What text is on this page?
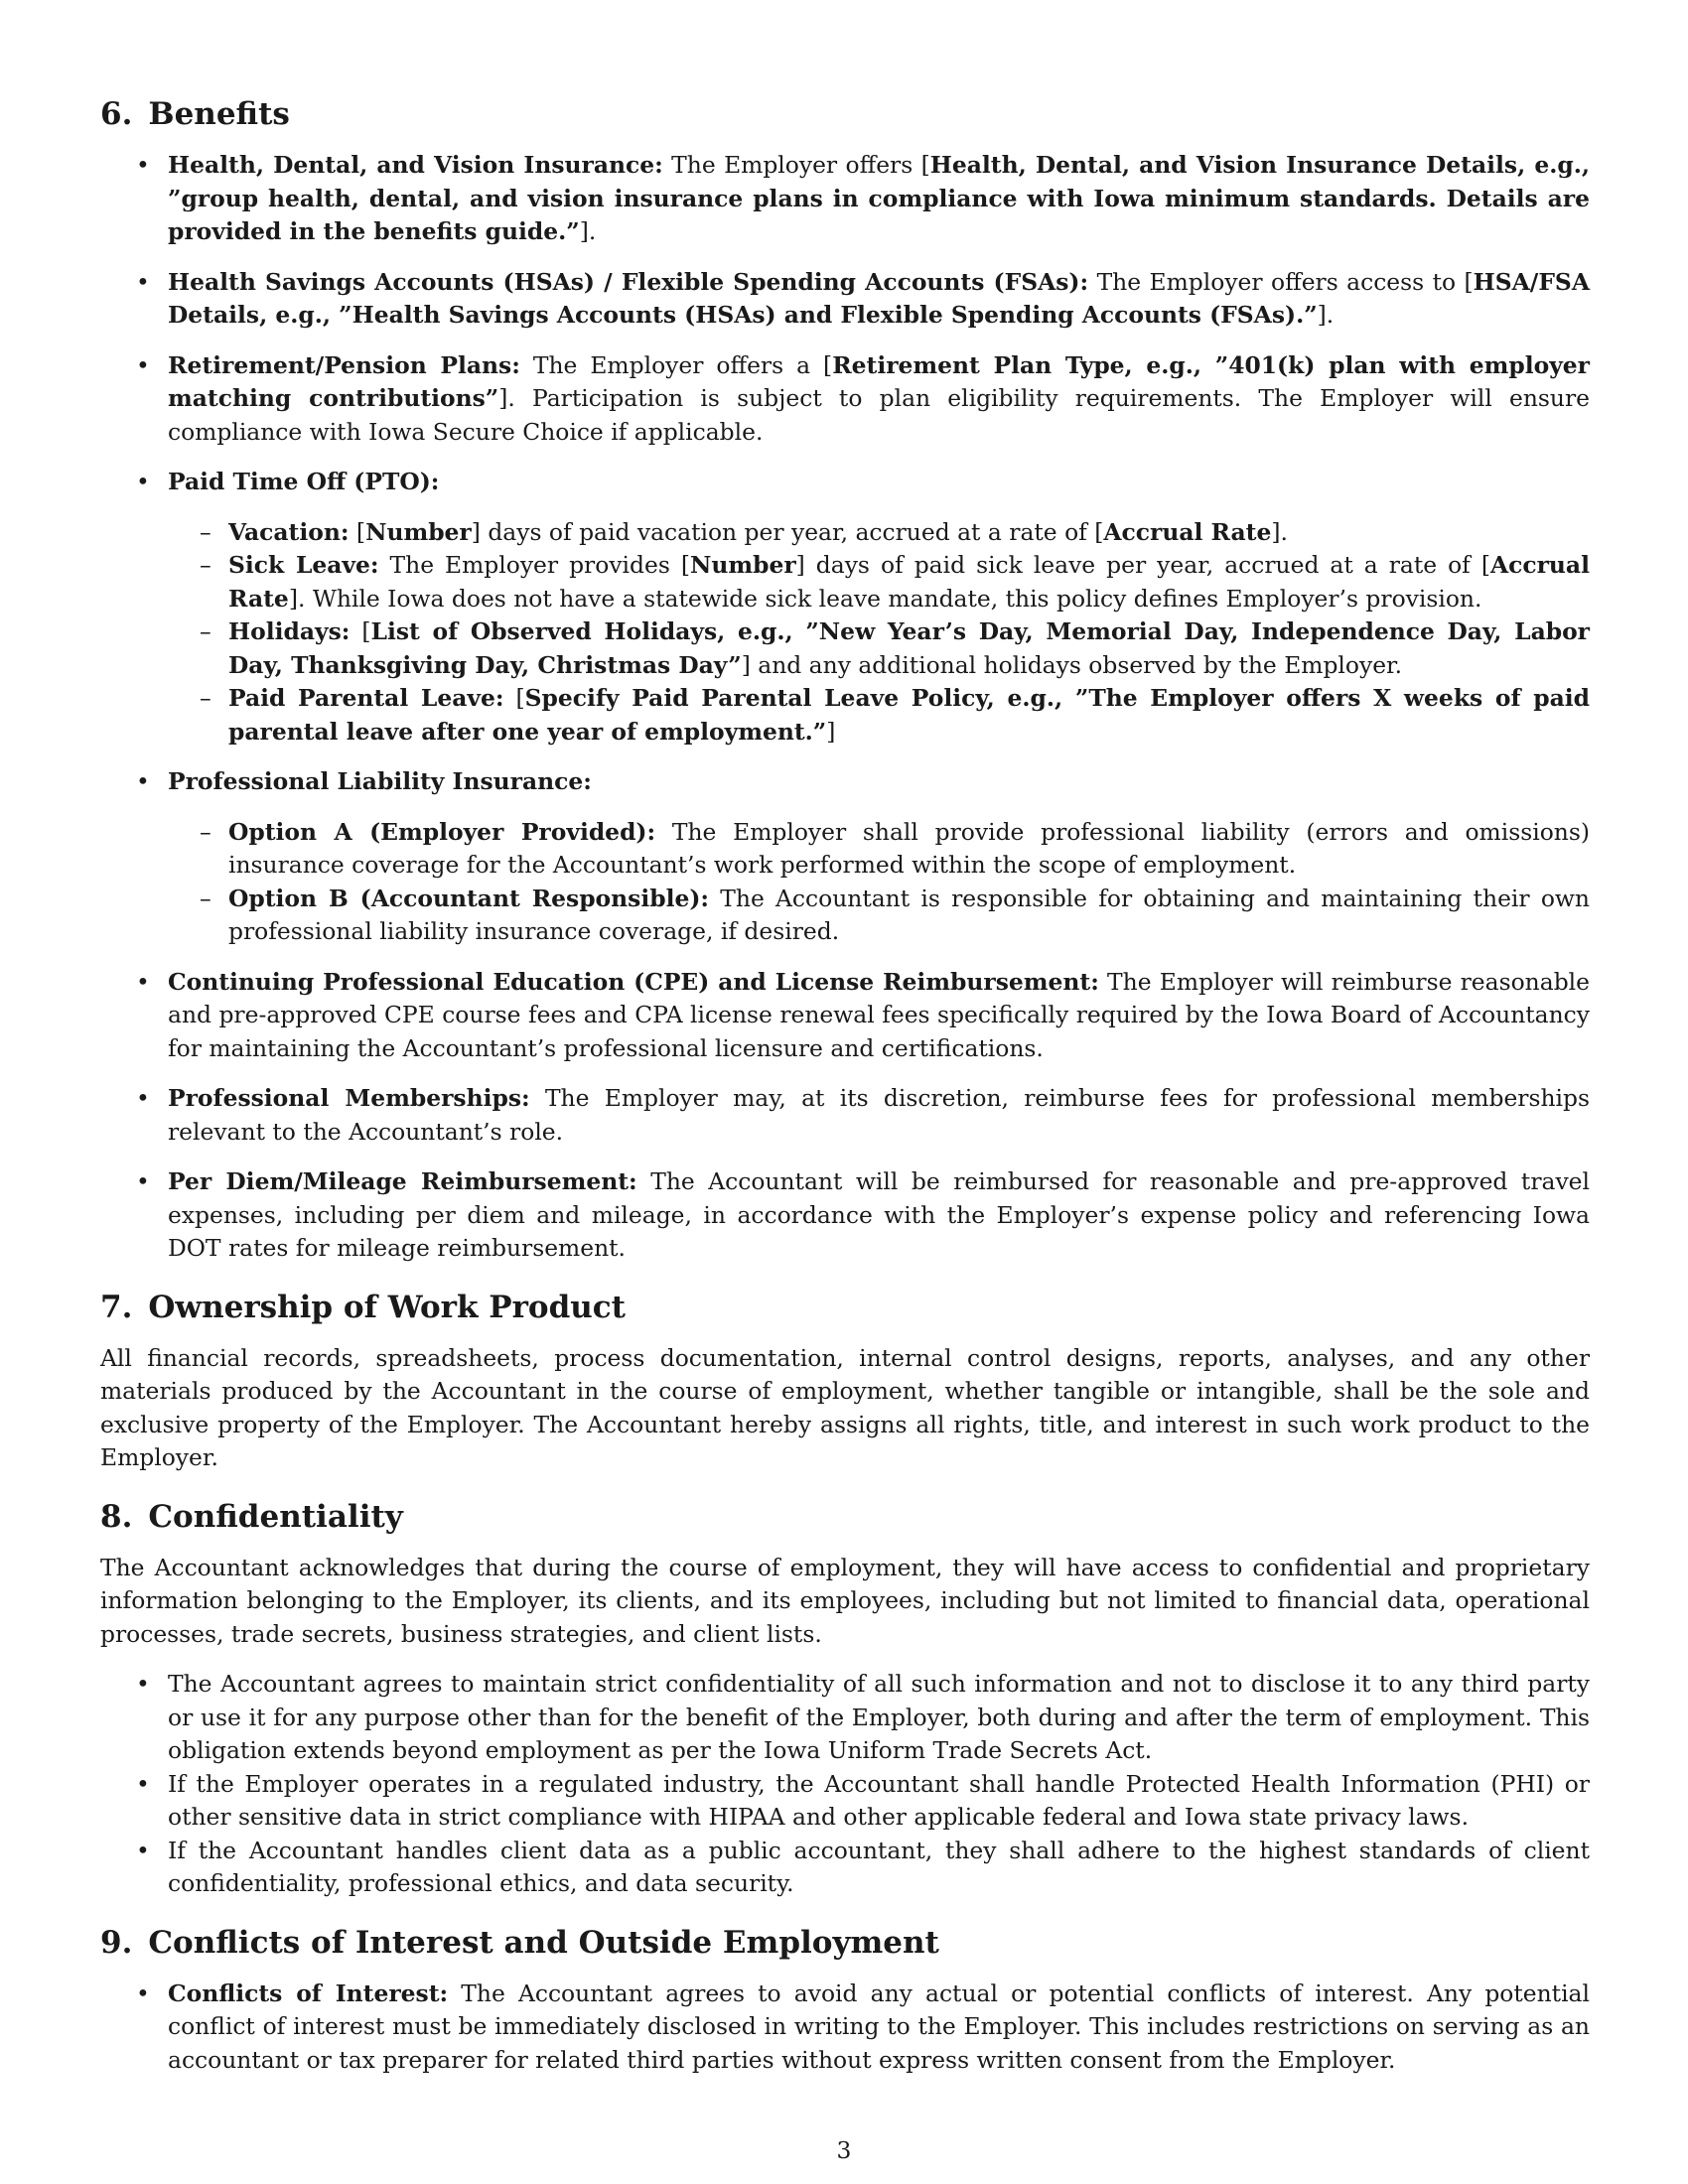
6. Benefits
• Health, Dental, and Vision Insurance: The Employer offers [Health, Dental, and Vision Insurance Details, e.g., ”group health, dental, and vision insurance plans in compliance with Iowa minimum standards. Details are provided in the benefits guide.”].
• Health Savings Accounts (HSAs) / Flexible Spending Accounts (FSAs): The Employer offers access to [HSA/FSA Details, e.g., ”Health Savings Accounts (HSAs) and Flexible Spending Accounts (FSAs).”].
• Retirement/Pension Plans: The Employer offers a [Retirement Plan Type, e.g., ”401(k) plan with employer matching contributions”]. Participation is subject to plan eligibility requirements. The Employer will ensure compliance with Iowa Secure Choice if applicable.
• Paid Time Off (PTO):
– Vacation: [Number] days of paid vacation per year, accrued at a rate of [Accrual Rate].
– Sick Leave: The Employer provides [Number] days of paid sick leave per year, accrued at a rate of [Accrual Rate]. While Iowa does not have a statewide sick leave mandate, this policy defines Employer’s provision.
– Holidays: [List of Observed Holidays, e.g., ”New Year’s Day, Memorial Day, Independence Day, Labor Day, Thanksgiving Day, Christmas Day”] and any additional holidays observed by the Employer.
– Paid Parental Leave: [Specify Paid Parental Leave Policy, e.g., ”The Employer offers X weeks of paid parental leave after one year of employment.”]
• Professional Liability Insurance:
– Option A (Employer Provided): The Employer shall provide professional liability (errors and omissions) insurance coverage for the Accountant’s work performed within the scope of employment.
– Option B (Accountant Responsible): The Accountant is responsible for obtaining and maintaining their own professional liability insurance coverage, if desired.
• Continuing Professional Education (CPE) and License Reimbursement: The Employer will reimburse reasonable and pre-approved CPE course fees and CPA license renewal fees specifically required by the Iowa Board of Accountancy for maintaining the Accountant’s professional licensure and certifications.
• Professional Memberships: The Employer may, at its discretion, reimburse fees for professional memberships relevant to the Accountant’s role.
• Per Diem/Mileage Reimbursement: The Accountant will be reimbursed for reasonable and pre-approved travel expenses, including per diem and mileage, in accordance with the Employer’s expense policy and referencing Iowa DOT rates for mileage reimbursement.
7. Ownership of Work Product

All financial records, spreadsheets, process documentation, internal control designs, reports, analyses, and any other materials produced by the Accountant in the course of employment, whether tangible or intangible, shall be the sole and exclusive property of the Employer. The Accountant hereby assigns all rights, title, and interest in such work product to the Employer.

8. Confidentiality

The Accountant acknowledges that during the course of employment, they will have access to confidential and proprietary information belonging to the Employer, its clients, and its employees, including but not limited to financial data, operational processes, trade secrets, business strategies, and client lists.

• The Accountant agrees to maintain strict confidentiality of all such information and not to disclose it to any third party or use it for any purpose other than for the benefit of the Employer, both during and after the term of employment. This obligation extends beyond employment as per the Iowa Uniform Trade Secrets Act.
• If the Employer operates in a regulated industry, the Accountant shall handle Protected Health Information (PHI) or other sensitive data in strict compliance with HIPAA and other applicable federal and Iowa state privacy laws.
• If the Accountant handles client data as a public accountant, they shall adhere to the highest standards of client confidentiality, professional ethics, and data security.
9. Conflicts of Interest and Outside Employment
• Conflicts of Interest: The Accountant agrees to avoid any actual or potential conflicts of interest. Any potential conflict of interest must be immediately disclosed in writing to the Employer. This includes restrictions on serving as an accountant or tax preparer for related third parties without express written consent from the Employer.
3
